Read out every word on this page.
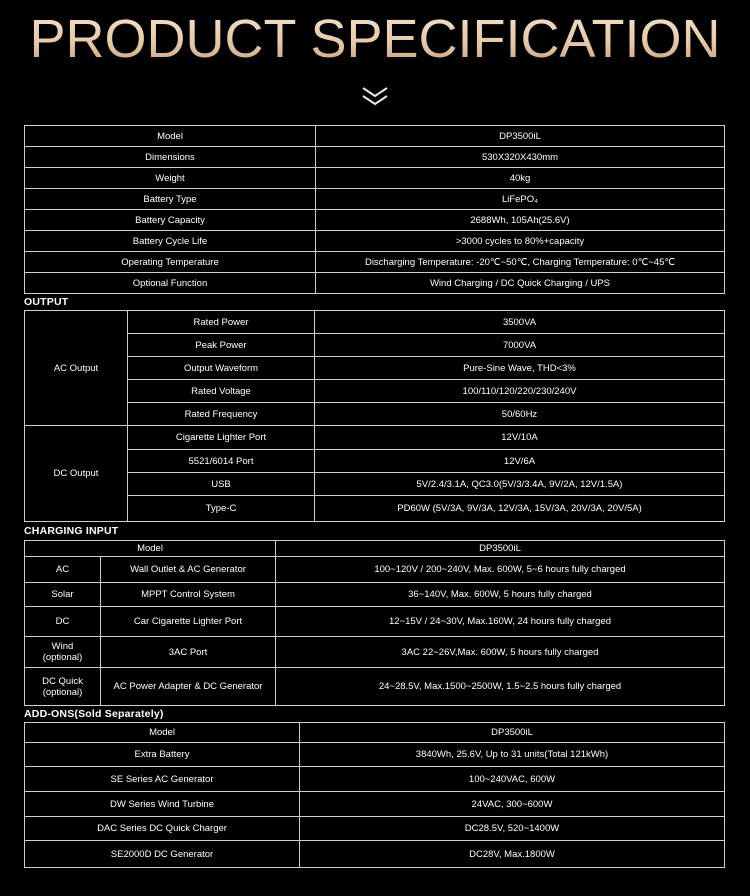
PRODUCT SPECIFICATION
Model	DP3500iL
Dimensions	530X320X430mm
Weight	40kg
Battery Type	LiFePO₄
Battery Capacity	2688Wh, 105Ah(25.6V)
Battery Cycle Life	>3000 cycles to 80%+capacity
Operating Temperature	Discharging Temperature: -20℃~50℃, Charging Temperature: 0℃~45℃
Optional Function	Wind Charging / DC Quick Charging / UPS
OUTPUT
AC Output	Rated Power	3500VA
	Peak Power	7000VA
	Output Waveform	Pure-Sine Wave, THD<3%
	Rated Voltage	100/110/120/220/230/240V
	Rated Frequency	50/60Hz
DC Output	Cigarette Lighter Port	12V/10A
	5521/6014 Port	12V/6A
	USB	5V/2.4/3.1A, QC3.0(5V/3/3.4A, 9V/2A, 12V/1.5A)
	Type-C	PD60W (5V/3A, 9V/3A, 12V/3A, 15V/3A, 20V/3A, 20V/5A)
CHARGING INPUT
Model		DP3500iL
AC	Wall Outlet & AC Generator	100~120V / 200~240V, Max. 600W, 5~6 hours fully charged
Solar	MPPT Control System	36~140V, Max. 600W, 5 hours fully charged
DC	Car Cigarette Lighter Port	12~15V / 24~30V, Max.160W, 24 hours fully charged
Wind
(optional)	3AC Port	3AC 22~26V,Max. 600W, 5 hours fully charged
DC Quick
(optional)	AC Power Adapter & DC Generator	24~28.5V, Max.1500~2500W, 1.5~2.5 hours fully charged
ADD-ONS(Sold Separately)
Model	DP3500iL
Extra Battery	3840Wh, 25.6V, Up to 31 units(Total 121kWh)
SE Series AC Generator	100~240VAC, 600W
DW Series Wind Turbine	24VAC, 300~600W
DAC Series DC Quick Charger	DC28.5V, 520~1400W
SE2000D DC Generator	DC28V, Max.1800W
